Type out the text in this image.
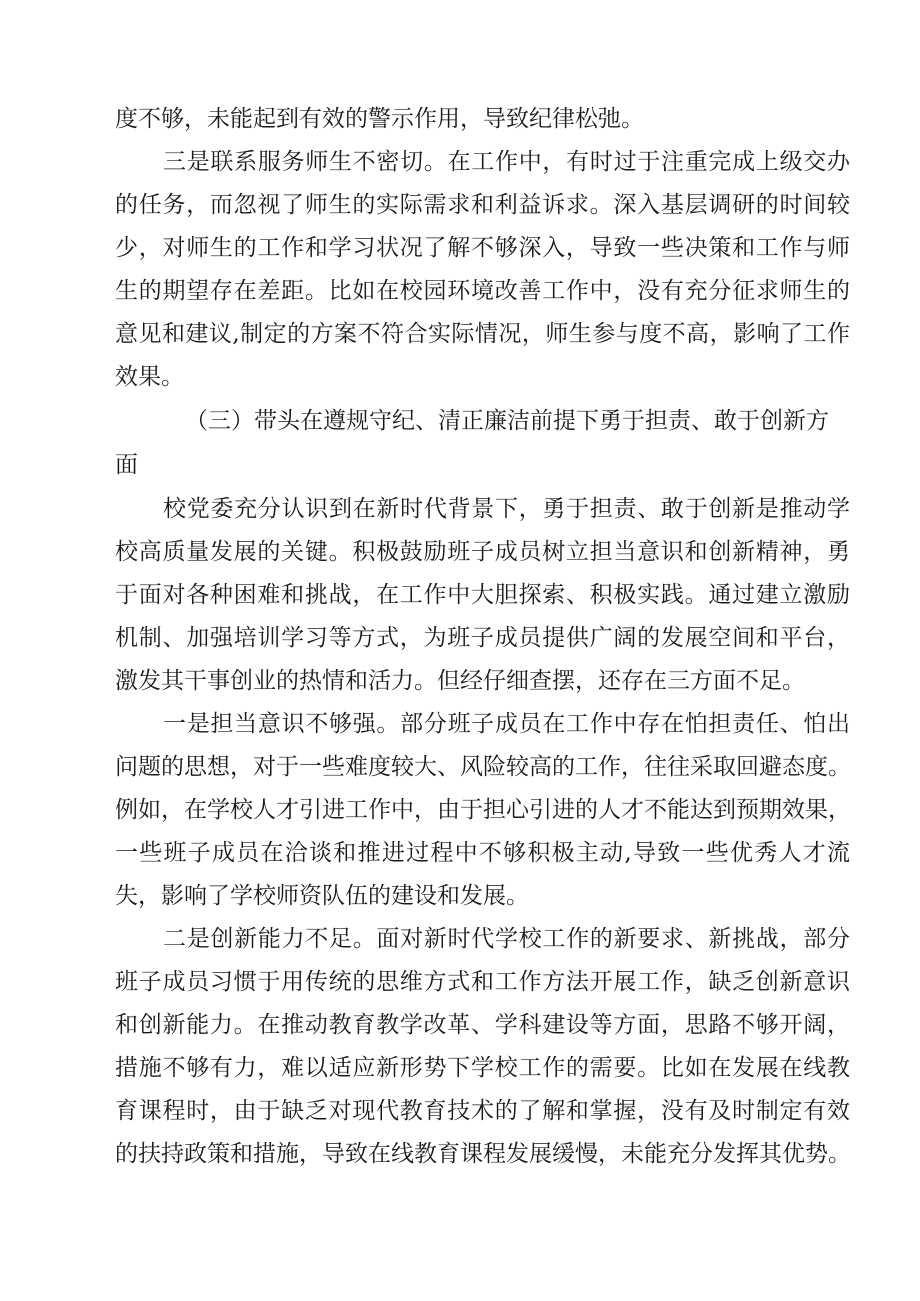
度不够，未能起到有效的警示作用，导致纪律松弛。
三是联系服务师生不密切。在工作中，有时过于注重完成上级交办
的任务，而忽视了师生的实际需求和利益诉求。深入基层调研的时间较
少，对师生的工作和学习状况了解不够深入，导致一些决策和工作与师
生的期望存在差距。比如在校园环境改善工作中，没有充分征求师生的
意见和建议,制定的方案不符合实际情况，师生参与度不高，影响了工作
效果。
（三）带头在遵规守纪、清正廉洁前提下勇于担责、敢于创新方
面
校党委充分认识到在新时代背景下，勇于担责、敢于创新是推动学
校高质量发展的关键。积极鼓励班子成员树立担当意识和创新精神，勇
于面对各种困难和挑战，在工作中大胆探索、积极实践。通过建立激励
机制、加强培训学习等方式，为班子成员提供广阔的发展空间和平台，
激发其干事创业的热情和活力。但经仔细查摆，还存在三方面不足。
一是担当意识不够强。部分班子成员在工作中存在怕担责任、怕出
问题的思想，对于一些难度较大、风险较高的工作，往往采取回避态度。
例如，在学校人才引进工作中，由于担心引进的人才不能达到预期效果，
一些班子成员在洽谈和推进过程中不够积极主动,导致一些优秀人才流
失，影响了学校师资队伍的建设和发展。
二是创新能力不足。面对新时代学校工作的新要求、新挑战，部分
班子成员习惯于用传统的思维方式和工作方法开展工作，缺乏创新意识
和创新能力。在推动教育教学改革、学科建设等方面，思路不够开阔，
措施不够有力，难以适应新形势下学校工作的需要。比如在发展在线教
育课程时，由于缺乏对现代教育技术的了解和掌握，没有及时制定有效
的扶持政策和措施，导致在线教育课程发展缓慢，未能充分发挥其优势。
